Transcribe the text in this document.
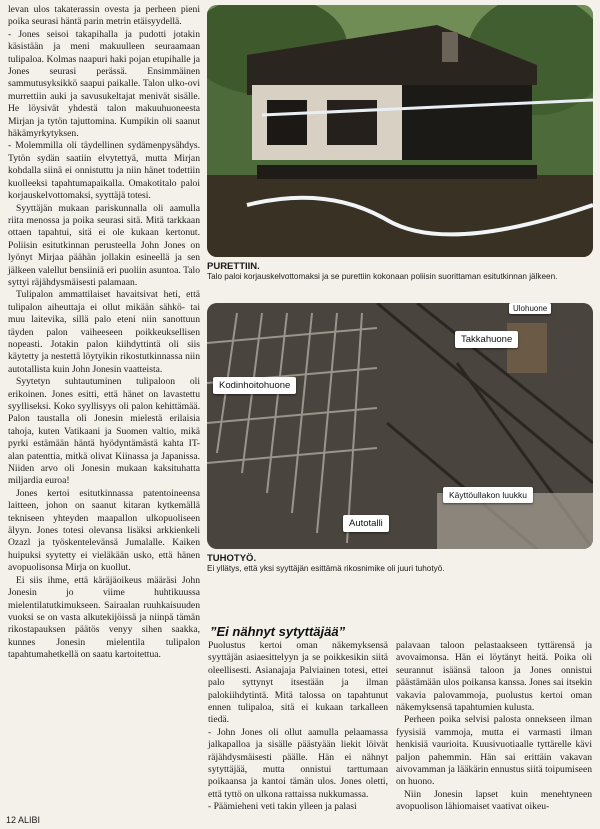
levan ulos takaterassin ovesta ja perheen pieni poika seurasi häntä parin metrin etäisyydellä.

- Jones seisoi takapihalla ja pudotti jotakin käsistään ja meni makuulleen seuraamaan tulipaloa. Kolmas naapuri haki pojan etupihalle ja Jones seurasi perässä. Ensimmäinen sammutusyksikkö saapui paikalle. Talon ulko-ovi murrettiin auki ja savusukeltajat menivät sisälle. He löysivät yhdestä talon makuuhuoneesta Mirjan ja tytön tajuttomina. Kumpikin oli saanut häkämyrkytyksen.

- Molemmilla oli täydellinen sydämenpysähdys. Tytön sydän saatiin elvytettyä, mutta Mirjan kohdalla siinä ei onnistuttu ja niin hänet todettiin kuolleeksi tapahtumapaikalla. Omakotitalo paloi korjauskelvottomaksi, syyttäjä totesi.

Syyttäjän mukaan pariskunnalla oli aamulla riita menossa ja poika seurasi sitä. Mitä tarkkaan ottaen tapahtui, sitä ei ole kukaan kertonut. Poliisin esitutkinnan perusteella John Jones on lyönyt Mirjaa päähän jollakin esineellä ja sen jälkeen valellut bensiiniä eri puoliin asuntoa. Talo syttyi räjähdysmäisesti palamaan.

Tulipalon ammattilaiset havaitsivat heti, että tulipalon aiheuttaja ei ollut mikään sähkö- tai muu laitevika, sillä palo eteni niin sanottuun täyden palon vaiheeseen poikkeuksellisen nopeasti. Jotakin palon kiihdyttintä oli siis käytetty ja nestettä löytyikin rikostutkinnassa niin autotallista kuin John Jonesin vaatteista.

Syytetyn suhtautuminen tulipaloon oli erikoinen. Jones esitti, että hänet on lavastettu syylliseksi. Koko syyllisyys oli palon kehittämää. Palon taustalla oli Jonesin mielestä erilaisia tahoja, kuten Vatikaani ja Suomen valtio, mikä pyrki estämään häntä hyödyntämästä kahta IT-alan patenttia, mitkä olivat Kiinassa ja Japanissa. Niiden arvo oli Jonesin mukaan kaksituhatta miljardia euroa!

Jones kertoi esitutkinnassa patentoineensa laitteen, johon on saanut kitaran kytkemällä tekniseen yhteyden maapallon ulkopuoliseen älyyn. Jones totesi olevansa lisäksi arkkienkeli Ozazl ja työskentelevänsä Jumalalle. Kaiken huipuksi syytetty ei vieläkään usko, että hänen avopuolisonsa Mirja on kuollut.

Ei siis ihme, että käräjäoikeus määräsi John Jonesin jo viime huhtikuussa mielentilatutkimukseen. Sairaalan ruuhkaisuuden vuoksi se on vasta alkutekijöissä ja niinpä tämän rikostapauksen päätös venyy sihen saakka, kunnes Jonesin mielentila tulipalon tapahtumahetkellä on saatu kartoitettua.

PURETTIIN.
Talo paloi korjauskelvottomaksi ja se purettiin kokonaan poliisin suorittaman esitutkinnan jälkeen.
Kodinhoitohuone
Takkahuone
Ulohuone
Käyttöullakon luukku
Autotalli
TUHOTYÖ.
Ei yllätys, että yksi syyttäjän esittämä rikosnimike oli juuri tuhotyö.
”Ei nähnyt sytyttäjää”

Puolustus kertoi oman näkemyksensä syyttäjän asiaesittelyyn ja se poikkesikin siitä oleellisesti. Asianajaja Palviainen totesi, ettei palo syttynyt itsestään ja ilman palokiihdytintä. Mitä talossa on tapahtunut ennen tulipaloa, sitä ei kukaan tarkalleen tiedä.

- John Jones oli ollut aamulla pelaamassa jalkapalloa ja sisälle päästyään liekit löivät räjähdysmäisesti päälle. Hän ei nähnyt sytyttäjää, mutta onnistui tarttumaan poikaansa ja kantoi tämän ulos. Jones oletti, että tyttö on ulkona rattaissa nukkumassa.

- Päämieheni veti takin ylleen ja palasi

palavaan taloon pelastaakseen tyttärensä ja avovaimonsa. Hän ei löytänyt heitä. Poika oli seurannut isäänsä taloon ja Jones onnistui päästämään ulos poikansa kanssa. Jones sai itsekin vakavia palovammoja, puolustus kertoi oman näkemyksensä tapahtumien kulusta.

Perheen poika selvisi palosta onnekseen ilman fyysisiä vammoja, mutta ei varmasti ilman henkisiä vaurioita. Kuusivuotiaalle tyttärelle kävi paljon pahemmin. Hän sai erittäin vakavan aivovamman ja lääkärin ennustus siitä toipumiseen on huono.

Niin Jonesin lapset kuin menehtyneen avopuolison lähiomaiset vaativat oikeu-

12 ALIBI
